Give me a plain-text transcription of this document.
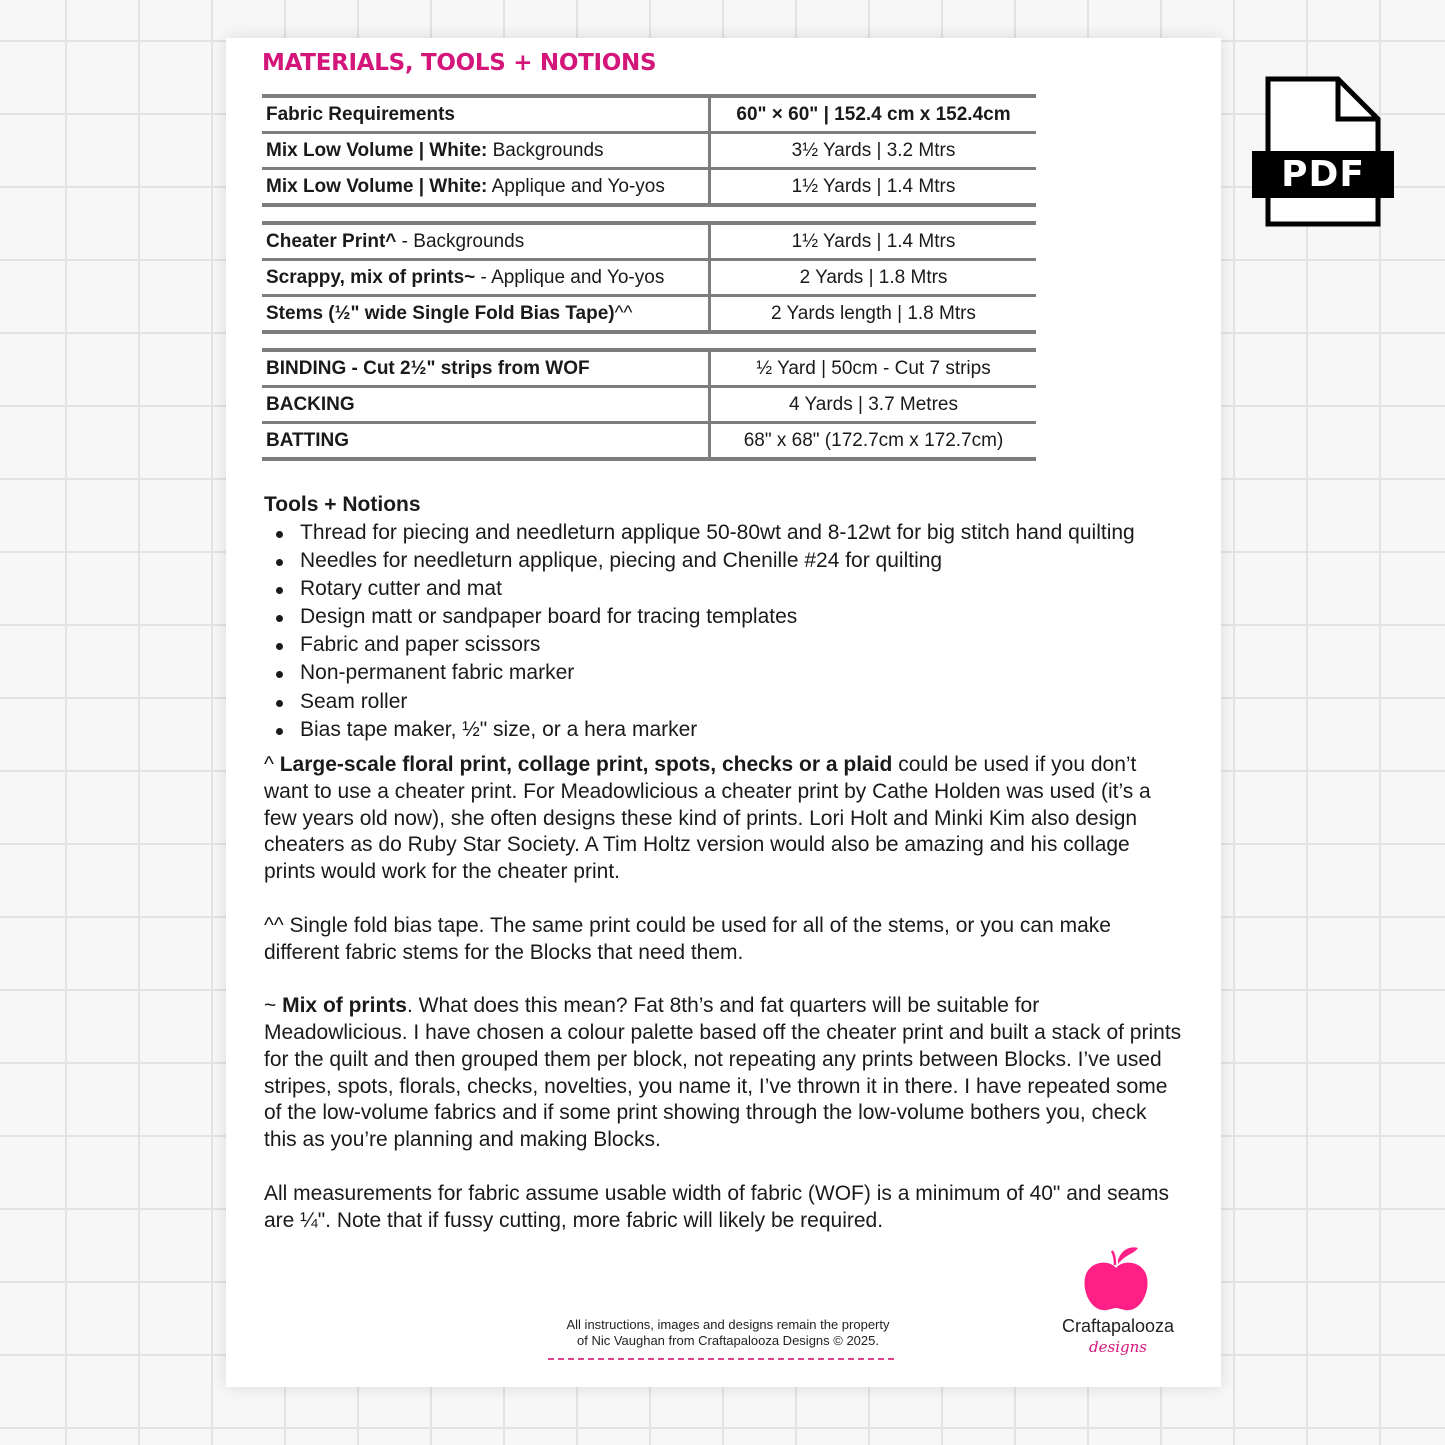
MATERIALS, TOOLS + NOTIONS
Fabric Requirements	60" × 60" | 152.4 cm x 152.4cm
Mix Low Volume | White: Backgrounds	3½ Yards | 3.2 Mtrs
Mix Low Volume | White: Applique and Yo-yos	1½ Yards | 1.4 Mtrs

Cheater Print^ - Backgrounds	1½ Yards | 1.4 Mtrs
Scrappy, mix of prints~ - Applique and Yo-yos	2 Yards | 1.8 Mtrs
Stems (½" wide Single Fold Bias Tape)^^	2 Yards length | 1.8 Mtrs

BINDING - Cut 2½" strips from WOF	½ Yard | 50cm - Cut 7 strips
BACKING	4 Yards | 3.7 Metres
BATTING	68" x 68" (172.7cm x 172.7cm)
Tools + Notions
Thread for piecing and needleturn applique 50-80wt and 8-12wt for big stitch hand quilting
Needles for needleturn applique, piecing and Chenille #24 for quilting
Rotary cutter and mat
Design matt or sandpaper board for tracing templates
Fabric and paper scissors
Non-permanent fabric marker
Seam roller
Bias tape maker, ½" size, or a hera marker

^ Large-scale floral print, collage print, spots, checks or a plaid could be used if you don’t want to use a cheater print. For Meadowlicious a cheater print by Cathe Holden was used (it’s a few years old now), she often designs these kind of prints. Lori Holt and Minki Kim also design cheaters as do Ruby Star Society. A Tim Holtz version would also be amazing and his collage prints would work for the cheater print.

^^ Single fold bias tape. The same print could be used for all of the stems, or you can make different fabric stems for the Blocks that need them.

~ Mix of prints. What does this mean? Fat 8th’s and fat quarters will be suitable for Meadowlicious. I have chosen a colour palette based off the cheater print and built a stack of prints for the quilt and then grouped them per block, not repeating any prints between Blocks. I’ve used stripes, spots, florals, checks, novelties, you name it, I’ve thrown it in there. I have repeated some of the low-volume fabrics and if some print showing through the low-volume bothers you, check this as you’re planning and making Blocks.

All measurements for fabric assume usable width of fabric (WOF) is a minimum of 40" and seams are ¼". Note that if fussy cutting, more fabric will likely be required.

All instructions, images and designs remain the property
of Nic Vaughan from Craftapalooza Designs © 2025.
Craftapalooza
designs
PDF
